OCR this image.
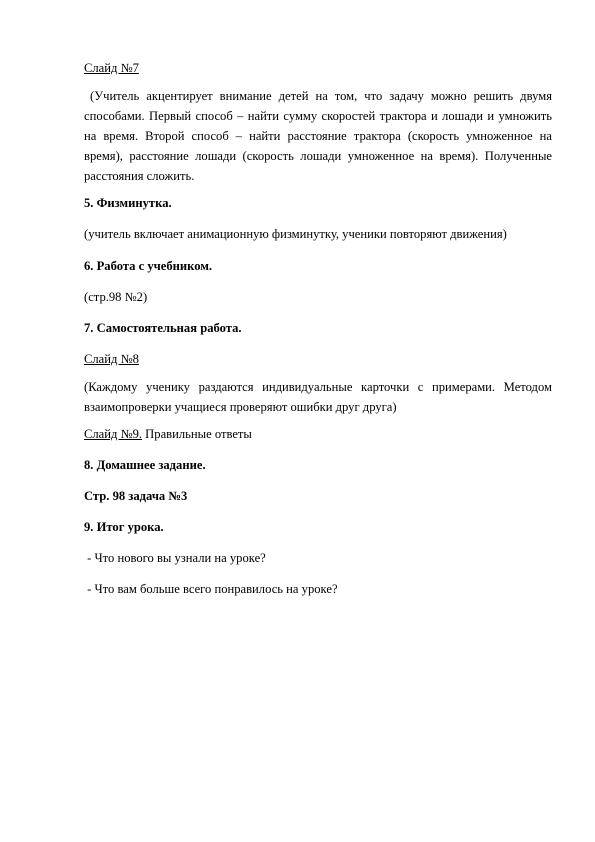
Слайд №7

(Учитель акцентирует внимание детей на том, что задачу можно решить двумя способами. Первый способ – найти сумму скоростей трактора и лошади и умножить на время. Второй способ – найти расстояние трактора (скорость умноженное на время), расстояние лошади (скорость лошади умноженное на время). Полученные расстояния сложить.

5. Физминутка.

(учитель включает анимационную физминутку, ученики повторяют движения)

6. Работа с учебником.

(стр.98 №2)

7. Самостоятельная работа.

Слайд №8

(Каждому ученику раздаются индивидуальные карточки с примерами. Методом взаимопроверки учащиеся проверяют ошибки друг друга)

Слайд №9. Правильные ответы

8. Домашнее задание.

Стр. 98 задача №3

9. Итог урока.

- Что нового вы узнали на уроке?

- Что вам больше всего понравилось на уроке?
